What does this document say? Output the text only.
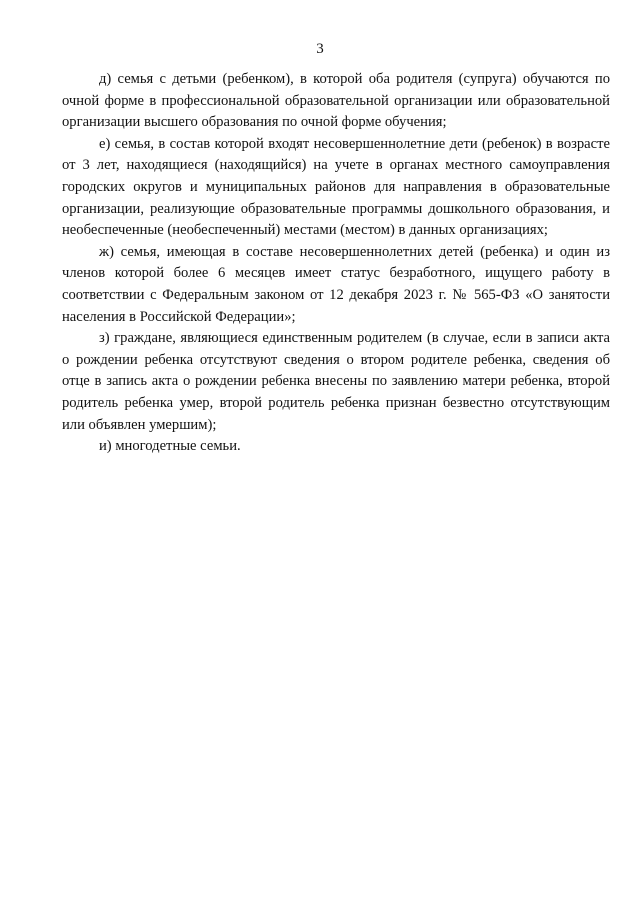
3

д) семья с детьми (ребенком), в которой оба родителя (супруга) обучаются по очной форме в профессиональной образовательной организации или образовательной организации высшего образования по очной форме обучения;

е) семья, в состав которой входят несовершеннолетние дети (ребенок) в возрасте от 3 лет, находящиеся (находящийся) на учете в органах местного самоуправления городских округов и муниципальных районов для направления в образовательные организации, реализующие образовательные программы дошкольного образования, и необеспеченные (необеспеченный) местами (местом) в данных организациях;

ж) семья, имеющая в составе несовершеннолетних детей (ребенка) и один из членов которой более 6 месяцев имеет статус безработного, ищущего работу в соответствии с Федеральным законом от 12 декабря 2023 г. № 565-ФЗ «О занятости населения в Российской Федерации»;

з) граждане, являющиеся единственным родителем (в случае, если в записи акта о рождении ребенка отсутствуют сведения о втором родителе ребенка, сведения об отце в запись акта о рождении ребенка внесены по заявлению матери ребенка, второй родитель ребенка умер, второй родитель ребенка признан безвестно отсутствующим или объявлен умершим);

и) многодетные семьи.
